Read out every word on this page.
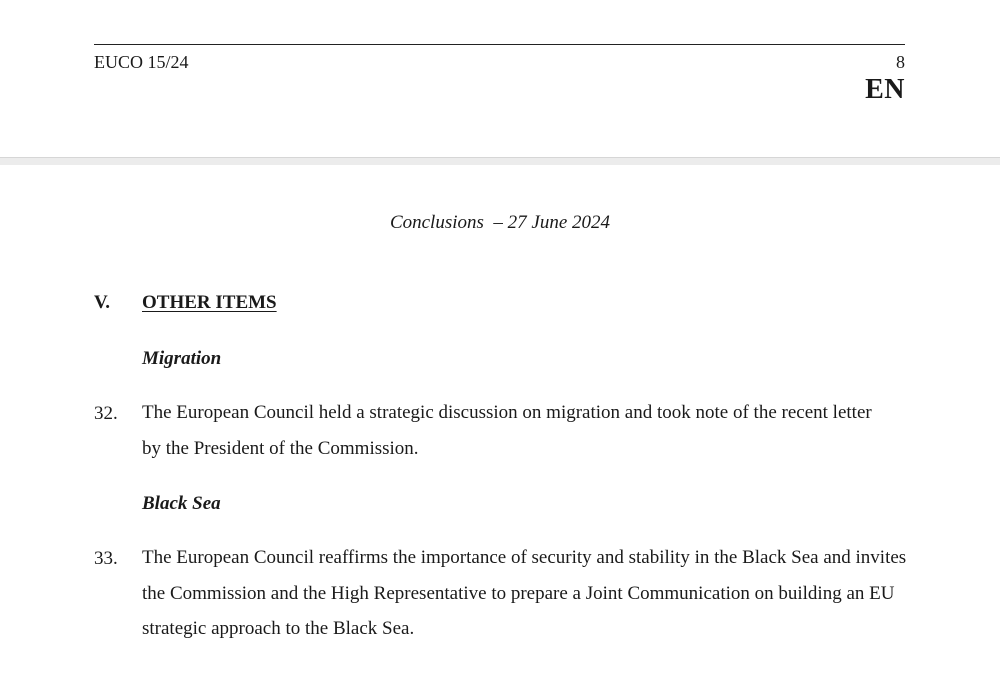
EUCO 15/24	8
EN
Conclusions  – 27 June 2024
V. OTHER ITEMS
Migration
32. The European Council held a strategic discussion on migration and took note of the recent letter by the President of the Commission.
Black Sea
33. The European Council reaffirms the importance of security and stability in the Black Sea and invites the Commission and the High Representative to prepare a Joint Communication on building an EU strategic approach to the Black Sea.
